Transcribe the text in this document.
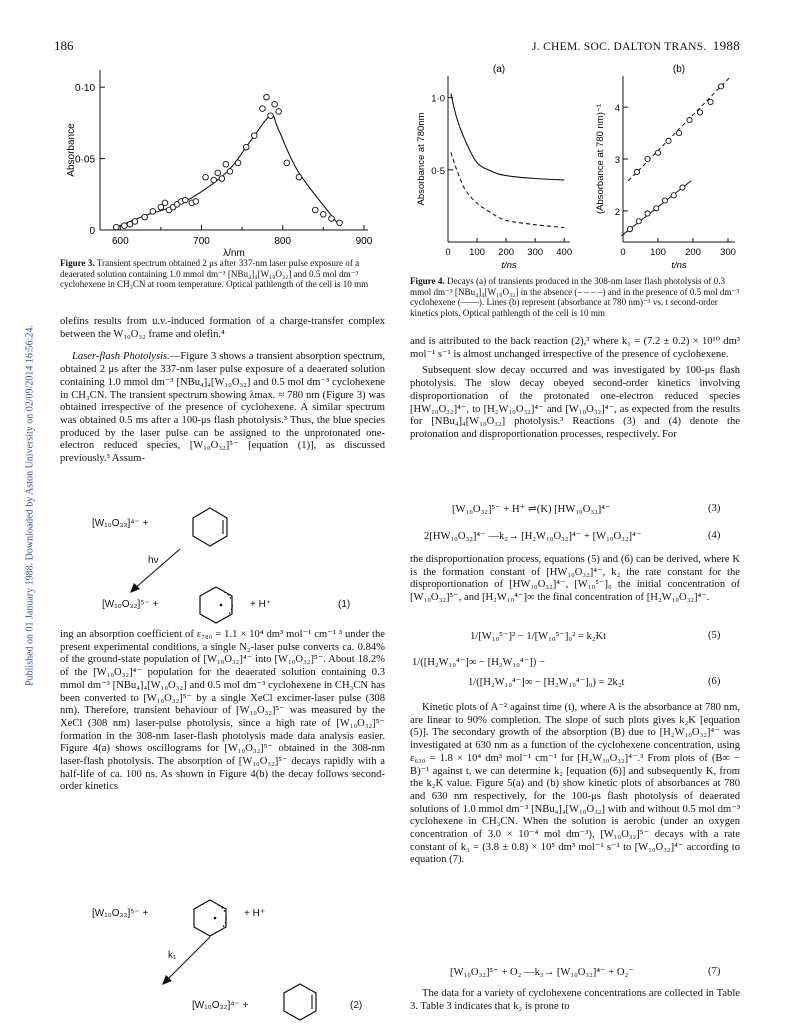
186	J. CHEM. SOC. DALTON TRANS. 1988
Published on 01 January 1988. Downloaded by Aston University on 02/09/2014 16:56:24.
0
0·05
0·10
600	700	800	900
λ/nm
Absorbance
Figure 3. Transient spectrum obtained 2 μs after 337-nm laser pulse exposure of a deaerated solution containing 1.0 mmol dm⁻³ [NBu₄]₄[W₁₀O₃₂] and 0.5 mol dm⁻³ cyclohexene in CH₃CN at room temperature. Optical pathlength of the cell is 10 mm
(a)
0·5
1·0
0 100 200 300 400
t/ns
Absorbance at 780nm
(b)
2
3
4
0	100 200 300
t/ns
(Absorbance at 780 nm)⁻¹
Figure 4. Decays (a) of transients produced in the 308-nm laser flash photolysis of 0.3 mmol dm⁻³ [NBu₄]₄[W₁₀O₃₂] in the absence (– – – –) and in the presence of 0.5 mol dm⁻³ cyclohexene (——). Lines (b) represent (absorbance at 780 nm)⁻¹ vs. t second-order kinetics plots. Optical pathlength of the cell is 10 mm

olefins results from u.v.-induced formation of a charge-transfer complex between the W₁₀O₃₂ frame and olefin.⁴

Laser-flash Photolysis.—Figure 3 shows a transient absorption spectrum, obtained 2 μs after the 337-nm laser pulse exposure of a deaerated solution containing 1.0 mmol dm⁻³ [NBu₄]₄[W₁₀O₃₂] and 0.5 mol dm⁻³ cyclohexene in CH₃CN. The transient spectrum showing λmax. ≈ 780 nm (Figure 3) was obtained irrespective of the presence of cyclohexene. A similar spectrum was obtained 0.5 ms after a 100-μs flash photolysis.³ Thus, the blue species produced by the laser pulse can be assigned to the unprotonated one-electron reduced species, [W₁₀O₃₂]⁵⁻ [equation (1)], as discussed previously.³ Assum-

[W₁₀O₃₂]⁴⁻ +
hν
[W₁₀O₃₂]⁵⁻ +	+ H⁺	(1)

ing an absorption coefficient of ε₇₈₀ = 1.1 × 10⁴ dm³ mol⁻¹ cm⁻¹ ³ under the present experimental conditions, a single N₂-laser pulse converts ca. 0.84% of the ground-state population of [W₁₀O₃₂]⁴⁻ into [W₁₀O₃₂]⁵⁻. About 18.2% of the [W₁₀O₃₂]⁴⁻ population for the deaerated solution containing 0.3 mmol dm⁻³ [NBu₄]₄[W₁₀O₃₂] and 0.5 mol dm⁻³ cyclohexene in CH₃CN has been converted to [W₁₀O₃₂]⁵⁻ by a single XeCl excimer-laser pulse (308 nm). Therefore, transient behaviour of [W₁₀O₃₂]⁵⁻ was measured by the XeCl (308 nm) laser-pulse photolysis, since a high rate of [W₁₀O₃₂]⁵⁻ formation in the 308-nm laser-flash photolysis made data analysis easier. Figure 4(a) shows oscillograms for [W₁₀O₃₂]⁵⁻ obtained in the 308-nm laser-flash photolysis. The absorption of [W₁₀O₃₂]⁵⁻ decays rapidly with a half-life of ca. 100 ns. As shown in Figure 4(b) the decay follows second-order kinetics

[W₁₀O₃₂]⁵⁻ +	+ H⁺
k₁
[W₁₀O₃₂]⁴⁻ +	(2)

and is attributed to the back reaction (2),³ where k₁ = (7.2 ± 0.2) × 10¹⁰ dm³ mol⁻¹ s⁻¹ is almost unchanged irrespective of the presence of cyclohexene.

Subsequent slow decay occurred and was investigated by 100-μs flash photolysis. The slow decay obeyed second-order kinetics involving disproportionation of the protonated one-electron reduced species [HW₁₀O₃₂]⁴⁻, to [H₂W₁₀O₃₂]⁴⁻ and [W₁₀O₃₂]⁴⁻, as expected from the results for [NBu₄]₄[W₁₀O₃₂] photolysis.³ Reactions (3) and (4) denote the protonation and disproportionation processes, respectively. For

[W₁₀O₃₂]⁵⁻ + H⁺ ⇌(K) [HW₁₀O₃₂]⁴⁻	(3)
2[HW₁₀O₃₂]⁴⁻ —k₂→ [H₂W₁₀O₃₂]⁴⁻ + [W₁₀O₃₂]⁴⁻	(4)

the disproportionation process, equations (5) and (6) can be derived, where K is the formation constant of [HW₁₀O₃₂]⁴⁻, k₂ the rate constant for the disproportionation of [HW₁₀O₃₂]⁴⁻, [W₁₀⁵⁻]₀ the initial concentration of [W₁₀O₃₂]⁵⁻, and [H₂W₁₀⁴⁻]∞ the final concentration of [H₂W₁₀O₃₂]⁴⁻.

1/[W₁₀⁵⁻]² − 1/[W₁₀⁵⁻]₀² = k₂Kt	(5)
1/([H₂W₁₀⁴⁻]∞ − [H₂W₁₀⁴⁻]) −
1/([H₂W₁₀⁴⁻]∞ − [H₂W₁₀⁴⁻]₀) = 2k₂t	(6)

Kinetic plots of A⁻² against time (t), where A is the absorbance at 780 nm, are linear to 90% completion. The slope of such plots gives k₂K [equation (5)]. The secondary growth of the absorption (B) due to [H₂W₁₀O₃₂]⁴⁻ was investigated at 630 nm as a function of the cyclohexene concentration, using ε₆₃₀ = 1.8 × 10⁴ dm³ mol⁻¹ cm⁻¹ for [H₂W₁₀O₃₂]⁴⁻.³ From plots of (B∞ − B)⁻¹ against t, we can determine k₂ [equation (6)] and subsequently K, from the k₂K value. Figure 5(a) and (b) show kinetic plots of absorbances at 780 and 630 nm respectively, for the 100-μs flash photolysis of deaerated solutions of 1.0 mmol dm⁻³ [NBu₄]₄[W₁₀O₃₂] with and without 0.5 mol dm⁻³ cyclohexene in CH₃CN. When the solution is aerobic (under an oxygen concentration of 3.0 × 10⁻⁴ mol dm⁻³), [W₁₀O₃₂]⁵⁻ decays with a rate constant of k₃ = (3.8 ± 0.8) × 10⁵ dm³ mol⁻¹ s⁻¹ to [W₁₀O₃₂]⁴⁻ according to equation (7).

[W₁₀O₃₂]⁵⁻ + O₂ —k₃→ [W₁₀O₃₂]⁴⁻ + O₂⁻	(7)

The data for a variety of cyclohexene concentrations are collected in Table 3. Table 3 indicates that k₂ is prone to
